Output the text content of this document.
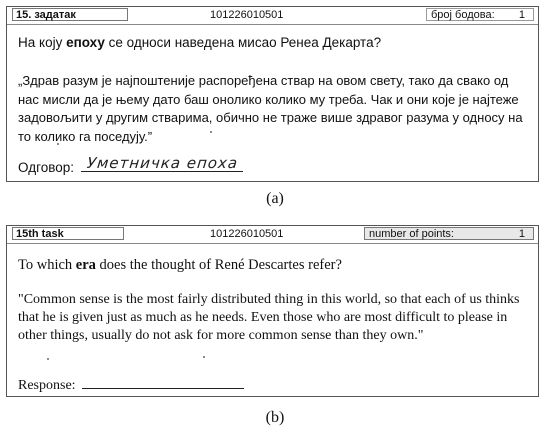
15. задатак	101226010501	број бодова: 1
На коју епоху се односи наведена мисао Ренеа Декарта?
„Здрав разум је најпоштеније распоређена ствар на овом свету, тако да свако од нас мисли да је њему дато баш онолико колико му треба. Чак и они које је најтеже задовољити у другим стварима, обично не траже више здравог разума у односу на то колико га поседују.”
Одговор: Уметничка епоха
(a)
15th task	101226010501	number of points:	1
To which era does the thought of René Descartes refer?
"Common sense is the most fairly distributed thing in this world, so that each of us thinks that he is given just as much as he needs. Even those who are most difficult to please in other things, usually do not ask for more common sense than they own."
Response:
(b)
